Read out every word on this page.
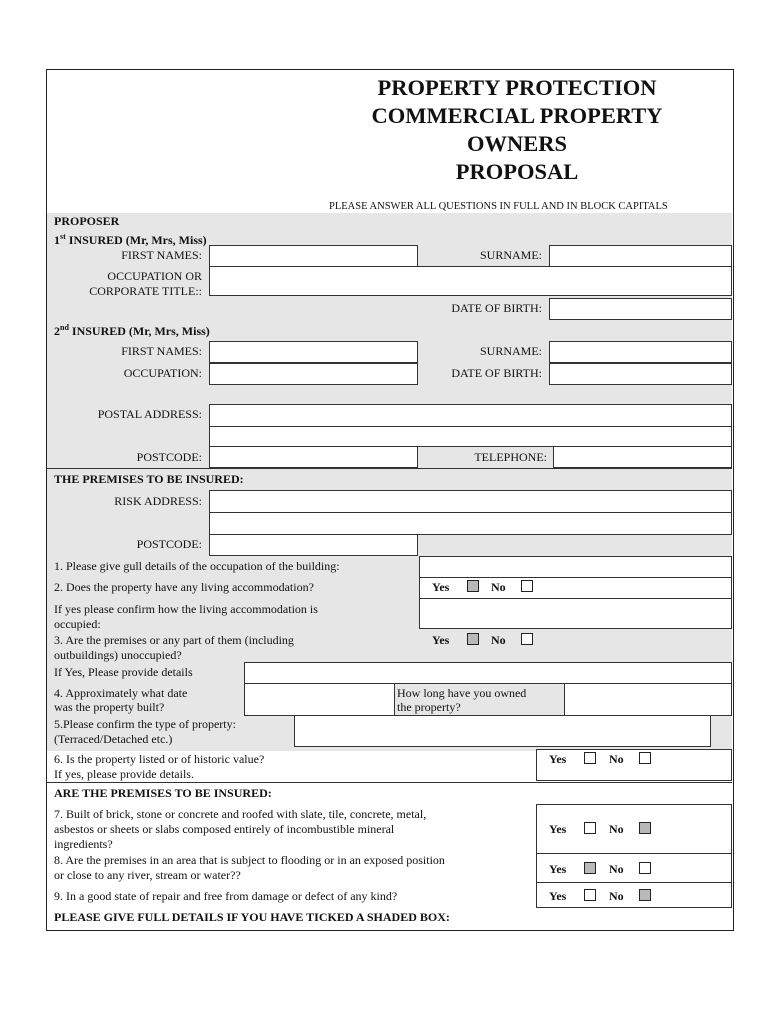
PROPERTY PROTECTION
COMMERCIAL PROPERTY
OWNERS
PROPOSAL
PLEASE ANSWER ALL QUESTIONS IN FULL AND IN BLOCK CAPITALS
PROPOSER
1st INSURED (Mr, Mrs, Miss)
FIRST NAMES:	SURNAME:
OCCUPATION OR
CORPORATE TITLE::
DATE OF BIRTH:
2nd INSURED (Mr, Mrs, Miss)
FIRST NAMES:	SURNAME:
OCCUPATION:	DATE OF BIRTH:
POSTAL ADDRESS:
POSTCODE:	TELEPHONE:
THE PREMISES TO BE INSURED:
RISK ADDRESS:
POSTCODE:
1. Please give gull details of the occupation of the building:
2. Does the property have any living accommodation?	Yes	No
If yes please confirm how the living accommodation is
occupied:
3. Are the premises or any part of them (including
outbuildings) unoccupied?
Yes	No
If Yes, Please provide details
4. Approximately what date
was the property built?
How long have you owned
the property?
5.Please confirm the type of property:
(Terraced/Detached etc.)
6. Is the property listed or of historic value?
If yes, please provide details.
Yes	No
ARE THE PREMISES TO BE INSURED:
7. Built of brick, stone or concrete and roofed with slate, tile, concrete, metal,
asbestos or sheets or slabs composed entirely of incombustible mineral
ingredients?
Yes	No
8. Are the premises in an area that is subject to flooding or in an exposed position
or close to any river, stream or water??	Yes	No
9. In a good state of repair and free from damage or defect of any kind?	Yes	No
PLEASE GIVE FULL DETAILS IF YOU HAVE TICKED A SHADED BOX:
